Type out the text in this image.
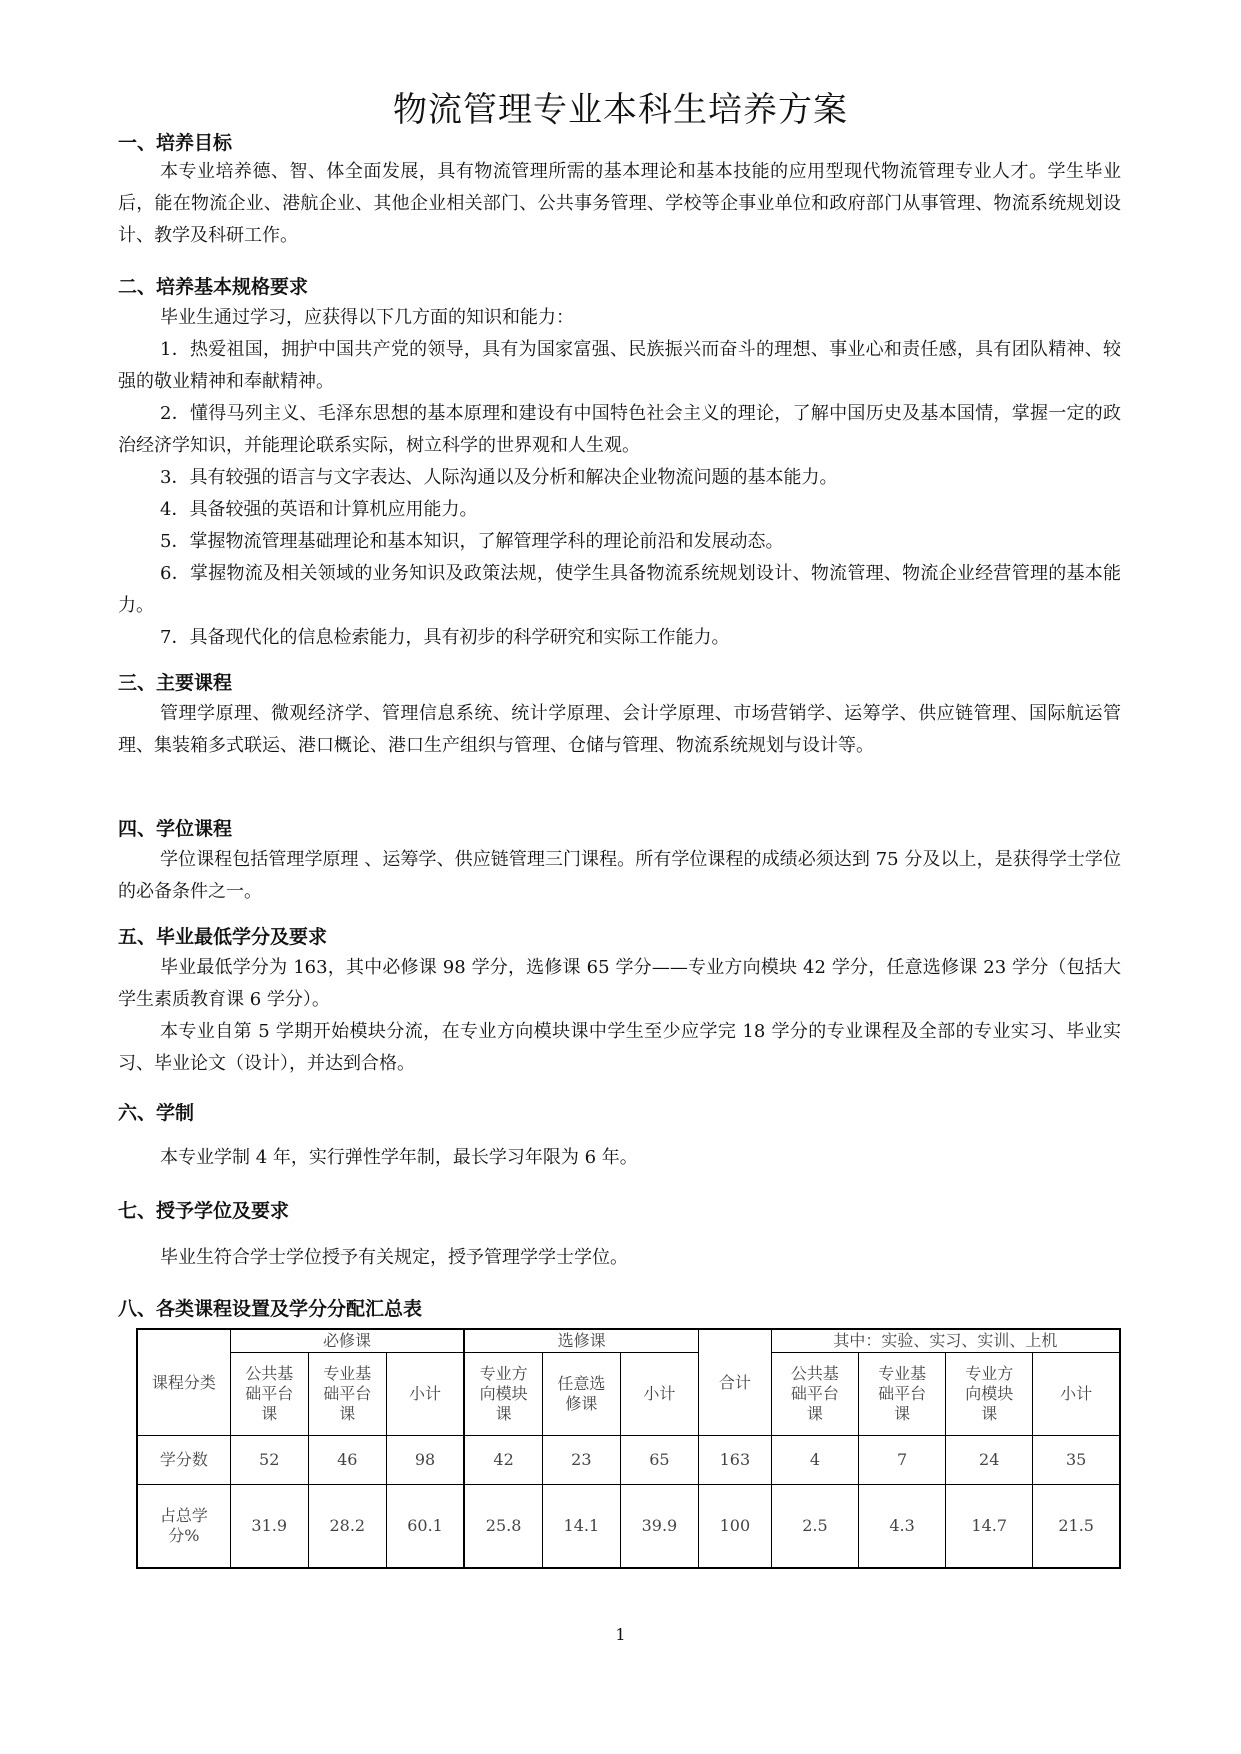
物流管理专业本科生培养方案
一、培养目标
本专业培养德、智、体全面发展，具有物流管理所需的基本理论和基本技能的应用型现代物流管理专业人才。学生毕业后，能在物流企业、港航企业、其他企业相关部门、公共事务管理、学校等企事业单位和政府部门从事管理、物流系统规划设计、教学及科研工作。
二、培养基本规格要求
毕业生通过学习，应获得以下几方面的知识和能力：
1．热爱祖国，拥护中国共产党的领导，具有为国家富强、民族振兴而奋斗的理想、事业心和责任感，具有团队精神、较强的敬业精神和奉献精神。
2．懂得马列主义、毛泽东思想的基本原理和建设有中国特色社会主义的理论，了解中国历史及基本国情，掌握一定的政治经济学知识，并能理论联系实际，树立科学的世界观和人生观。
3．具有较强的语言与文字表达、人际沟通以及分析和解决企业物流问题的基本能力。
4．具备较强的英语和计算机应用能力。
5．掌握物流管理基础理论和基本知识，了解管理学科的理论前沿和发展动态。
6．掌握物流及相关领域的业务知识及政策法规，使学生具备物流系统规划设计、物流管理、物流企业经营管理的基本能力。
7．具备现代化的信息检索能力，具有初步的科学研究和实际工作能力。
三、主要课程
管理学原理、微观经济学、管理信息系统、统计学原理、会计学原理、市场营销学、运筹学、供应链管理、国际航运管理、集装箱多式联运、港口概论、港口生产组织与管理、仓储与管理、物流系统规划与设计等。
四、学位课程
学位课程包括管理学原理 、运筹学、供应链管理三门课程。所有学位课程的成绩必须达到 75 分及以上，是获得学士学位的必备条件之一。
五、毕业最低学分及要求
毕业最低学分为 163，其中必修课 98 学分，选修课 65 学分——专业方向模块 42 学分，任意选修课 23 学分（包括大学生素质教育课 6 学分）。
本专业自第 5 学期开始模块分流，在专业方向模块课中学生至少应学完 18 学分的专业课程及全部的专业实习、毕业实习、毕业论文（设计），并达到合格。
六、学制
本专业学制 4 年，实行弹性学年制，最长学习年限为 6 年。
七、授予学位及要求
毕业生符合学士学位授予有关规定，授予管理学学士学位。
八、各类课程设置及学分分配汇总表
课程分类	必修课			选修课			合计	其中：实验、实习、实训、上机			
	公共基础平台课	专业基础平台课	小计	专业方向模块课	任意选修课	小计		公共基础平台课	专业基础平台课	专业方向模块课	小计
学分数	52	46	98	42	23	65	163	4	7	24	35
占总学分%	31.9	28.2	60.1	25.8	14.1	39.9	100	2.5	4.3	14.7	21.5
1
